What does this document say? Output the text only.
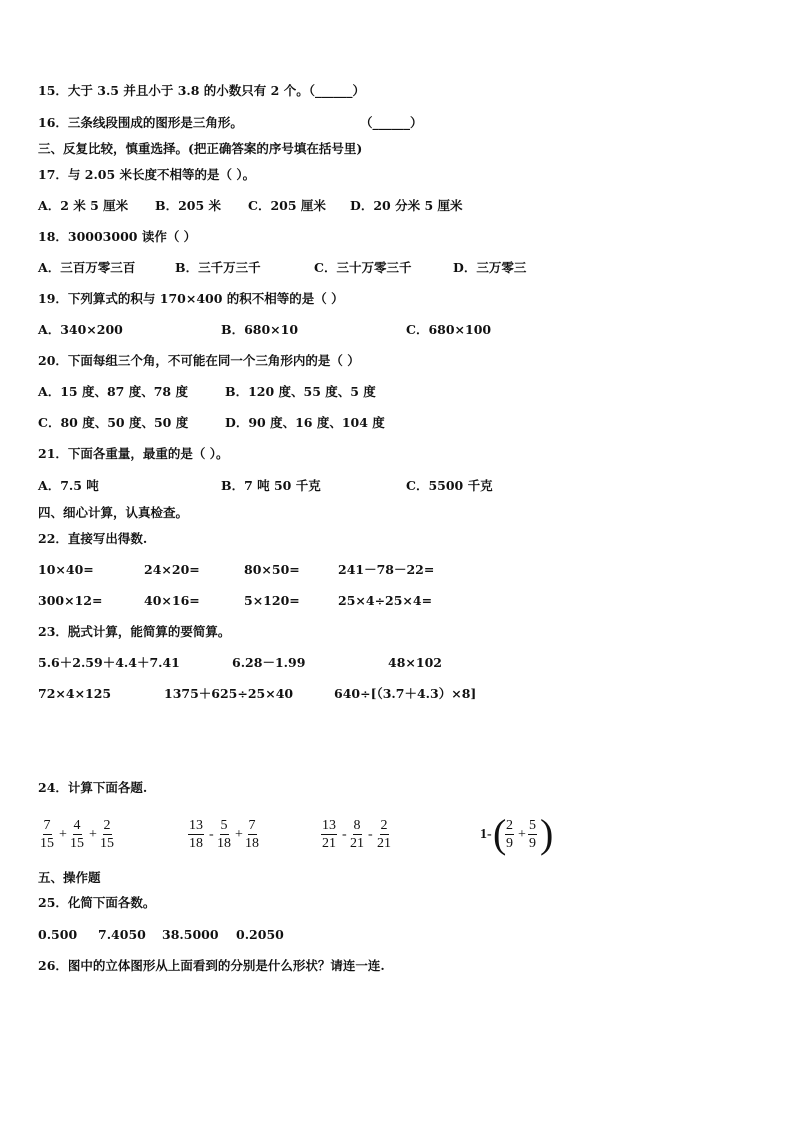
15．大于 3.5 并且小于 3.8 的小数只有 2 个。（______）
16．三条线段围成的图形是三角形。	（______）
三、反复比较，慎重选择。(把正确答案的序号填在括号里)
17．与 2.05 米长度不相等的是（ ）。
A．2 米 5 厘米 B．205 米 C．205 厘米 D．20 分米 5 厘米
18．30003000 读作（ ）
A．三百万零三百	B．三千万三千	C．三十万零三千	D．三万零三
19．下列算式的积与 170×400 的积不相等的是（ ）
A．340×200	B．680×10	C．680×100
20．下面每组三个角，不可能在同一个三角形内的是（ ）
A．15 度、87 度、78 度	B．120 度、55 度、5 度
C．80 度、50 度、50 度	D．90 度、16 度、104 度
21．下面各重量，最重的是（ ）。
A．7.5 吨	B．7 吨 50 千克	C．5500 千克
四、细心计算，认真检查。
22．直接写出得数.
10×40=	24×20=	80×50=	241－78－22=
300×12=	40×16=	5×120=	25×4÷25×4=
23．脱式计算，能简算的要简算。
5.6＋2.59＋4.4＋7.41	6.28－1.99	48×102
72×4×125	1375＋625÷25×40	640÷[（3.7＋4.3）×8]
24．计算下面各题.
$\frac{7}{15} + \frac{4}{15} + \frac{2}{15}$	$\frac{13}{18} - \frac{5}{18} + \frac{7}{18}$	$\frac{13}{21} - \frac{8}{21} - \frac{2}{21}$	1- (
$\frac{2}{9} + \frac{5}{9}$ )
五、操作题
25．化简下面各数。
0.500 7.4050 38.5000 0.2050
26．图中的立体图形从上面看到的分别是什么形状？请连一连.
